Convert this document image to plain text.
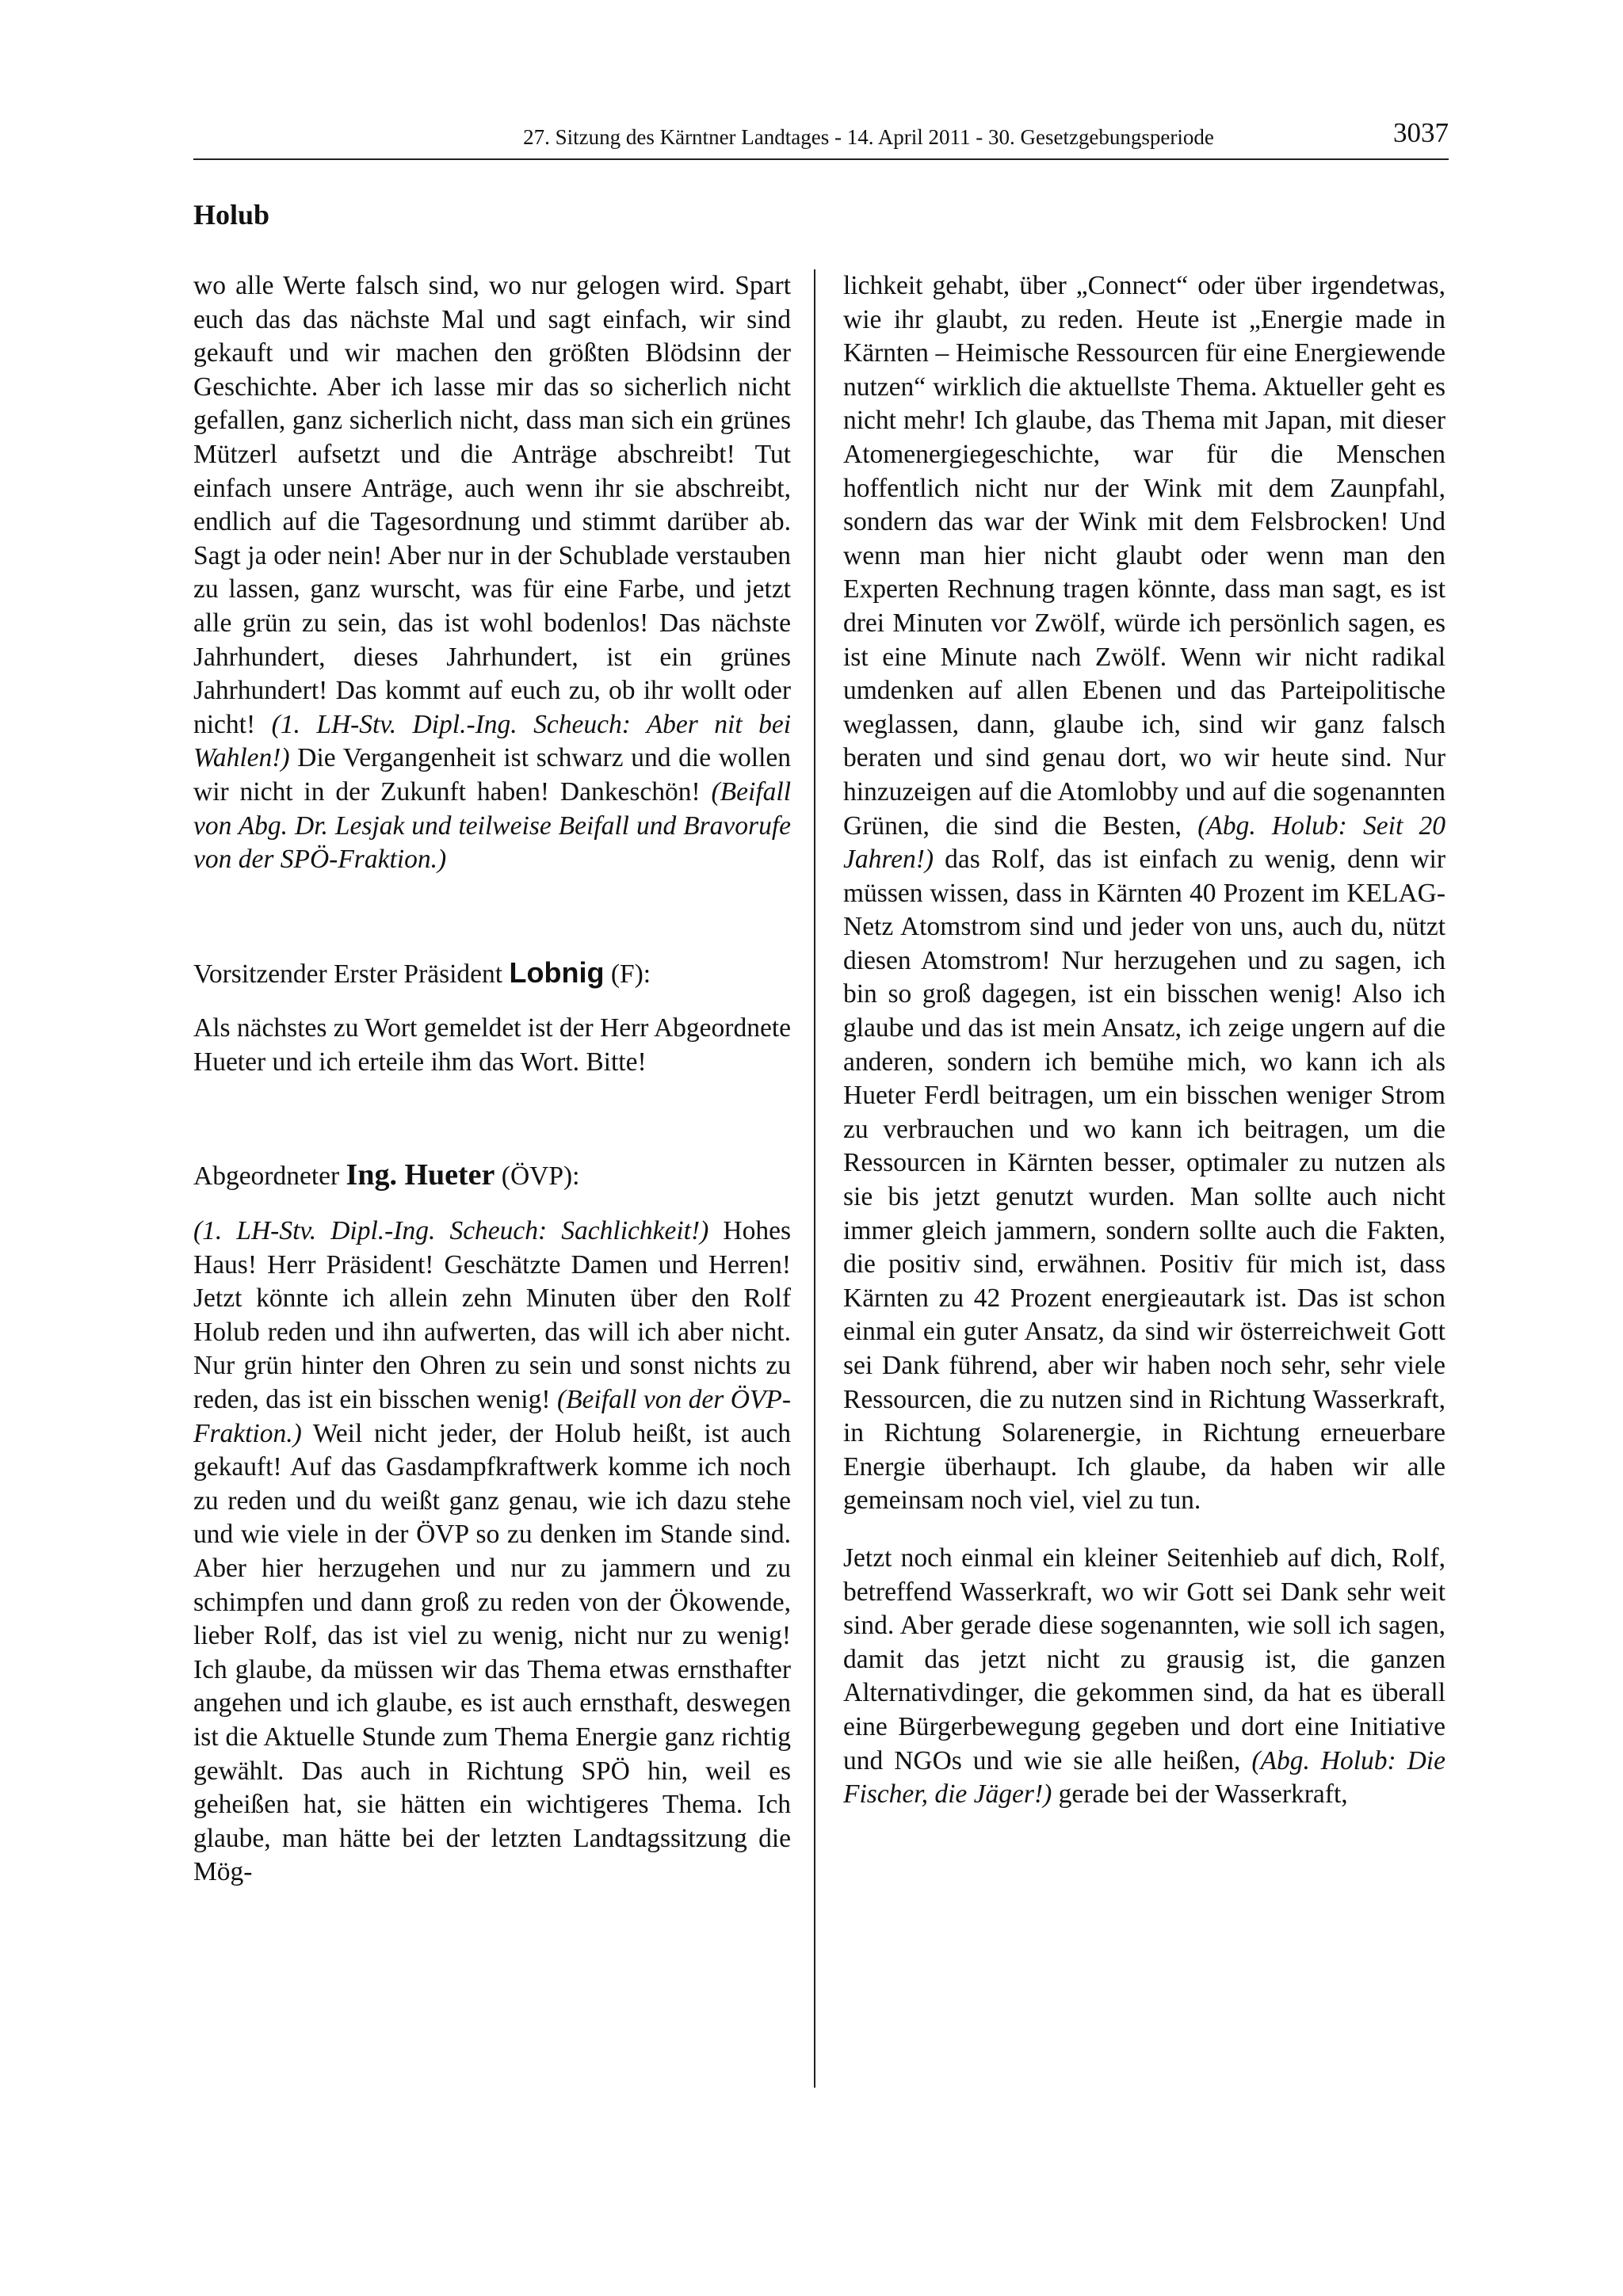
27. Sitzung des Kärntner Landtages - 14. April 2011 - 30. Gesetzgebungsperiode	3037
Holub

wo alle Werte falsch sind, wo nur gelogen wird. Spart euch das das nächste Mal und sagt einfach, wir sind gekauft und wir machen den größten Blödsinn der Geschichte. Aber ich lasse mir das so sicherlich nicht gefallen, ganz sicherlich nicht, dass man sich ein grünes Mützerl aufsetzt und die Anträge abschreibt! Tut einfach unsere Anträge, auch wenn ihr sie abschreibt, endlich auf die Tagesordnung und stimmt darüber ab. Sagt ja oder nein! Aber nur in der Schublade verstauben zu lassen, ganz wurscht, was für eine Farbe, und jetzt alle grün zu sein, das ist wohl bodenlos! Das nächste Jahrhundert, dieses Jahrhundert, ist ein grünes Jahrhundert! Das kommt auf euch zu, ob ihr wollt oder nicht! (1. LH-Stv. Dipl.-Ing. Scheuch: Aber nit bei Wahlen!) Die Vergangenheit ist schwarz und die wollen wir nicht in der Zukunft haben! Dankeschön! (Beifall von Abg. Dr. Lesjak und teilweise Beifall und Bravorufe von der SPÖ-Fraktion.)

Vorsitzender Erster Präsident Lobnig (F):

Als nächstes zu Wort gemeldet ist der Herr Abgeordnete Hueter und ich erteile ihm das Wort. Bitte!

Abgeordneter Ing. Hueter (ÖVP):

(1. LH-Stv. Dipl.-Ing. Scheuch: Sachlichkeit!) Hohes Haus! Herr Präsident! Geschätzte Damen und Herren! Jetzt könnte ich allein zehn Minuten über den Rolf Holub reden und ihn aufwerten, das will ich aber nicht. Nur grün hinter den Ohren zu sein und sonst nichts zu reden, das ist ein bisschen wenig! (Beifall von der ÖVP-Fraktion.) Weil nicht jeder, der Holub heißt, ist auch gekauft! Auf das Gasdampfkraftwerk komme ich noch zu reden und du weißt ganz genau, wie ich dazu stehe und wie viele in der ÖVP so zu denken im Stande sind. Aber hier herzugehen und nur zu jammern und zu schimpfen und dann groß zu reden von der Ökowende, lieber Rolf, das ist viel zu wenig, nicht nur zu wenig! Ich glaube, da müssen wir das Thema etwas ernsthafter angehen und ich glaube, es ist auch ernsthaft, deswegen ist die Aktuelle Stunde zum Thema Energie ganz richtig gewählt. Das auch in Richtung SPÖ hin, weil es geheißen hat, sie hätten ein wichtigeres Thema. Ich glaube, man hätte bei der letzten Landtagssitzung die Mög-

lichkeit gehabt, über „Connect“ oder über irgendetwas, wie ihr glaubt, zu reden. Heute ist „Energie made in Kärnten – Heimische Ressourcen für eine Energiewende nutzen“ wirklich die aktuellste Thema. Aktueller geht es nicht mehr! Ich glaube, das Thema mit Japan, mit dieser Atomenergiegeschichte, war für die Menschen hoffentlich nicht nur der Wink mit dem Zaunpfahl, sondern das war der Wink mit dem Felsbrocken! Und wenn man hier nicht glaubt oder wenn man den Experten Rechnung tragen könnte, dass man sagt, es ist drei Minuten vor Zwölf, würde ich persönlich sagen, es ist eine Minute nach Zwölf. Wenn wir nicht radikal umdenken auf allen Ebenen und das Parteipolitische weglassen, dann, glaube ich, sind wir ganz falsch beraten und sind genau dort, wo wir heute sind. Nur hinzuzeigen auf die Atomlobby und auf die sogenannten Grünen, die sind die Besten, (Abg. Holub: Seit 20 Jahren!) das Rolf, das ist einfach zu wenig, denn wir müssen wissen, dass in Kärnten 40 Prozent im KELAG-Netz Atomstrom sind und jeder von uns, auch du, nützt diesen Atomstrom! Nur herzugehen und zu sagen, ich bin so groß dagegen, ist ein bisschen wenig! Also ich glaube und das ist mein Ansatz, ich zeige ungern auf die anderen, sondern ich bemühe mich, wo kann ich als Hueter Ferdl beitragen, um ein bisschen weniger Strom zu verbrauchen und wo kann ich beitragen, um die Ressourcen in Kärnten besser, optimaler zu nutzen als sie bis jetzt genutzt wurden. Man sollte auch nicht immer gleich jammern, sondern sollte auch die Fakten, die positiv sind, erwähnen. Positiv für mich ist, dass Kärnten zu 42 Prozent energieautark ist. Das ist schon einmal ein guter Ansatz, da sind wir österreichweit Gott sei Dank führend, aber wir haben noch sehr, sehr viele Ressourcen, die zu nutzen sind in Richtung Wasserkraft, in Richtung Solarenergie, in Richtung erneuerbare Energie überhaupt. Ich glaube, da haben wir alle gemeinsam noch viel, viel zu tun.

Jetzt noch einmal ein kleiner Seitenhieb auf dich, Rolf, betreffend Wasserkraft, wo wir Gott sei Dank sehr weit sind. Aber gerade diese sogenannten, wie soll ich sagen, damit das jetzt nicht zu grausig ist, die ganzen Alternativdinger, die gekommen sind, da hat es überall eine Bürgerbewegung gegeben und dort eine Initiative und NGOs und wie sie alle heißen, (Abg. Holub: Die Fischer, die Jäger!) gerade bei der Wasserkraft,
